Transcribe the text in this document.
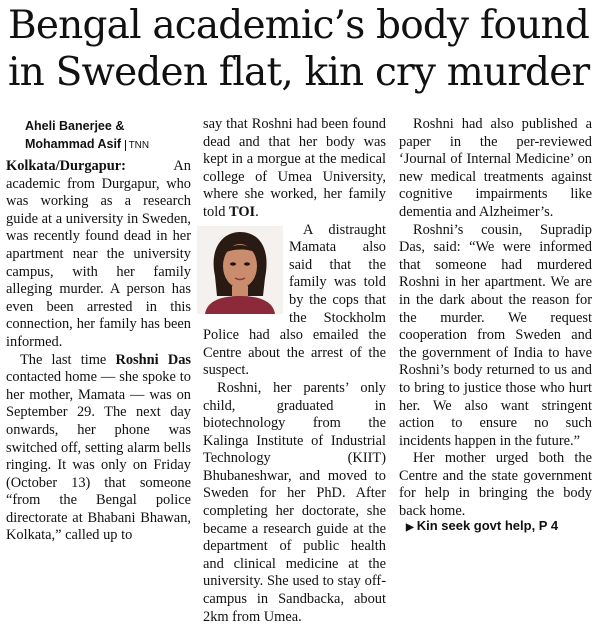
Bengal academic’s body found
in Sweden flat, kin cry murder
Aheli Banerjee &
Mohammad Asif TNN

Kolkata/Durgapur: An academic from Durgapur, who was working as a research guide at a university in Sweden, was recently found dead in her apartment near the university campus, with her family alleging murder. A person has even been arrested in this connection, her family has been informed.

The last time Roshni Das contacted home — she spoke to her mother, Mamata — was on September 29. The next day onwards, her phone was switched off, setting alarm bells ringing. It was only on Friday (October 13) that someone “from the Bengal police directorate at Bhabani Bhawan, Kolkata,” called up to

say that Roshni had been found dead and that her body was kept in a morgue at the medical college of Umea University, where she worked, her family told TOI.

A distraught Mamata also said that the family was told by the cops that the Stockholm Police had also emailed the Centre about the arrest of the suspect.

Roshni, her parents’ only child, graduated in biotechnology from the Kalinga Institute of Industrial Technology (KIIT) Bhubaneshwar, and moved to Sweden for her PhD. After completing her doctorate, she became a research guide at the department of public health and clinical medicine at the university. She used to stay off-campus in Sandbacka, about 2km from Umea.

Roshni had also published a paper in the per-reviewed ‘Journal of Internal Medicine’ on new medical treatments against cognitive impairments like dementia and Alzheimer’s.

Roshni’s cousin, Supradip Das, said: “We were informed that someone had murdered Roshni in her apartment. We are in the dark about the reason for the murder. We request cooperation from Sweden and the government of India to have Roshni’s body returned to us and to bring to justice those who hurt her. We also want stringent action to ensure no such incidents happen in the future.”

Her mother urged both the Centre and the state government for help in bringing the body back home.

▶ Kin seek govt help, P 4
